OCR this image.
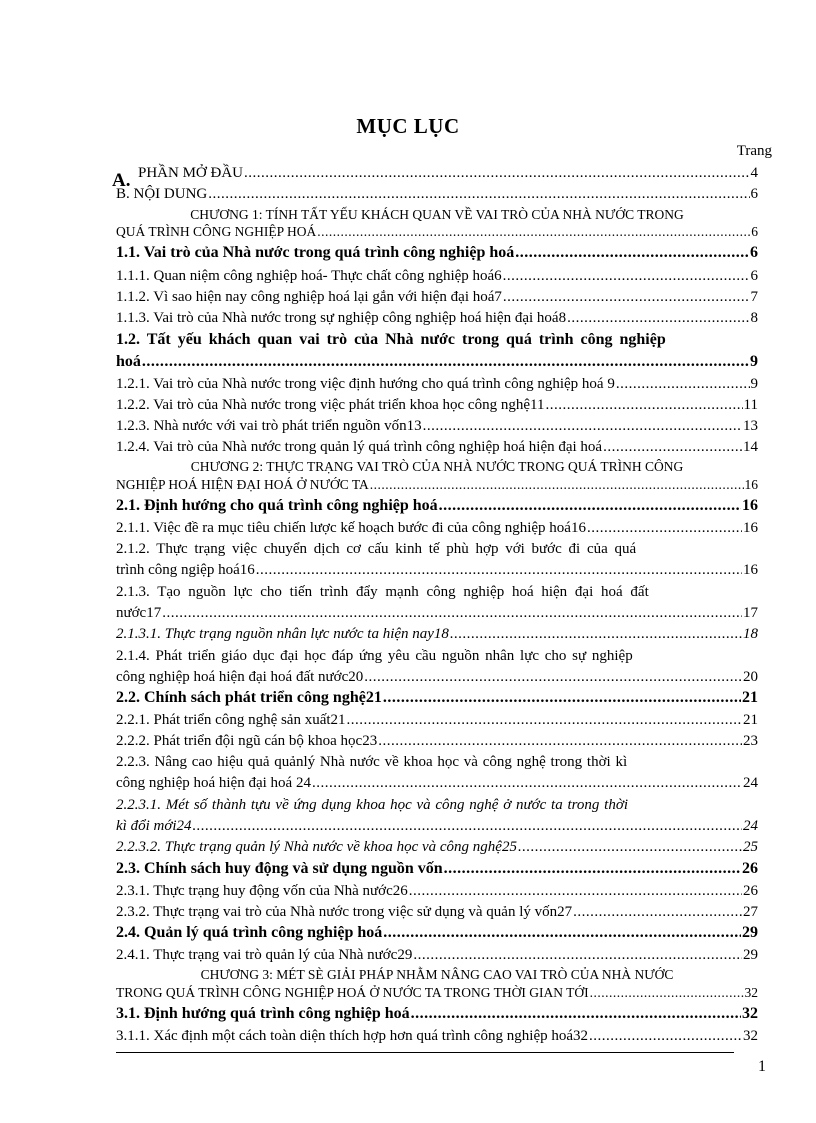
MỤC LỤC
Trang
A. PHẦN MỞ ĐẦU .....	4
B. NỘI DUNG .....	6
CHƯƠNG 1: TÍNH TẤT YẾU KHÁCH QUAN VỀ VAI TRÒ CỦA NHÀ NƯỚC TRONG
QUÁ TRÌNH CÔNG NGHIỆP HOÁ .....	6
1.1. Vai trò của Nhà nước trong quá trình công nghiệp hoá .....	6
1.1.1. Quan niệm công nghiệp hoá- Thực chất công nghiệp hoá6 .....	6
1.1.2. Vì sao hiện nay công nghiệp hoá lại gắn với hiện đại hoá7 .....	7
1.1.3. Vai trò của Nhà nước trong sự nghiệp công nghiệp hoá hiện đại hoá8 .....	8
1.2. Tất yếu khách quan vai trò của Nhà nước trong quá trình công nghiệp
hoá .....	9
1.2.1. Vai trò của Nhà nước trong việc định hướng cho quá trình công nghiệp hoá 9 .....	9
1.2.2. Vai trò của Nhà nước trong việc phát triển khoa học công nghệ11 .....	11
1.2.3. Nhà nước với vai trò phát triển nguồn vốn13 .....	13
1.2.4. Vai trò của Nhà nước trong quản lý quá trình công nghiệp hoá hiện đại hoá .....	14
CHƯƠNG 2: THỰC TRẠNG VAI TRÒ CỦA NHÀ NƯỚC TRONG QUÁ TRÌNH CÔNG
NGHIỆP HOÁ HIỆN ĐẠI HOÁ Ở NƯỚC TA .....	16
2.1. Định hướng cho quá trình công nghiệp hoá .....	16
2.1.1. Việc đề ra mục tiêu chiến lược kế hoạch bước đi của công nghiệp hoá16 .....	16
2.1.2. Thực trạng việc chuyển dịch cơ cấu kinh tế phù hợp với bước đi của quá
trình công ngiệp hoá16 .....	16
2.1.3. Tạo nguồn lực cho tiến trình đẩy mạnh công nghiệp hoá hiện đại hoá đất
nước17 .....	17
2.1.3.1. Thực trạng nguồn nhân lực nước ta hiện nay18 .....	18
2.1.4. Phát triển giáo dục đại học đáp ứng yêu cầu nguồn nhân lực cho sự nghiệp
công nghiệp hoá hiện đại hoá đất nước20 .....	20
2.2. Chính sách phát triển công nghệ21 .....	21
2.2.1. Phát triển công nghệ sản xuất21 .....	21
2.2.2. Phát triển đội ngũ cán bộ khoa học23 .....	23
2.2.3. Nâng cao hiệu quả quảnlý Nhà nước về khoa học và công nghệ trong thời kì
công nghiệp hoá hiện đại hoá 24 .....	24
2.2.3.1. Mét số thành tựu về ứng dụng khoa học và công nghệ ở nước ta trong thời
kì đổi mới24 .....	24
2.2.3.2. Thực trạng quản lý Nhà nước về khoa học và công nghệ25 .....	25
2.3. Chính sách huy động và sử dụng nguồn vốn .....	26
2.3.1. Thực trạng huy động vốn của Nhà nước26 .....	26
2.3.2. Thực trạng vai trò của Nhà nước trong việc sử dụng và quản lý vốn27 .....	27
2.4. Quản lý quá trình công nghiệp hoá .....	29
2.4.1. Thực trạng vai trò quản lý của Nhà nước29 .....	29
CHƯƠNG 3: MÉT SÈ GIẢI PHÁP NHẰM NÂNG CAO VAI TRÒ CỦA NHÀ NƯỚC
TRONG QUÁ TRÌNH CÔNG NGHIỆP HOÁ Ở NƯỚC TA TRONG THỜI GIAN TỚI .....	32
3.1. Định hướng quá trình công nghiệp hoá .....	32
3.1.1. Xác định một cách toàn diện thích hợp hơn quá trình công nghiệp hoá32 .....	32
1
